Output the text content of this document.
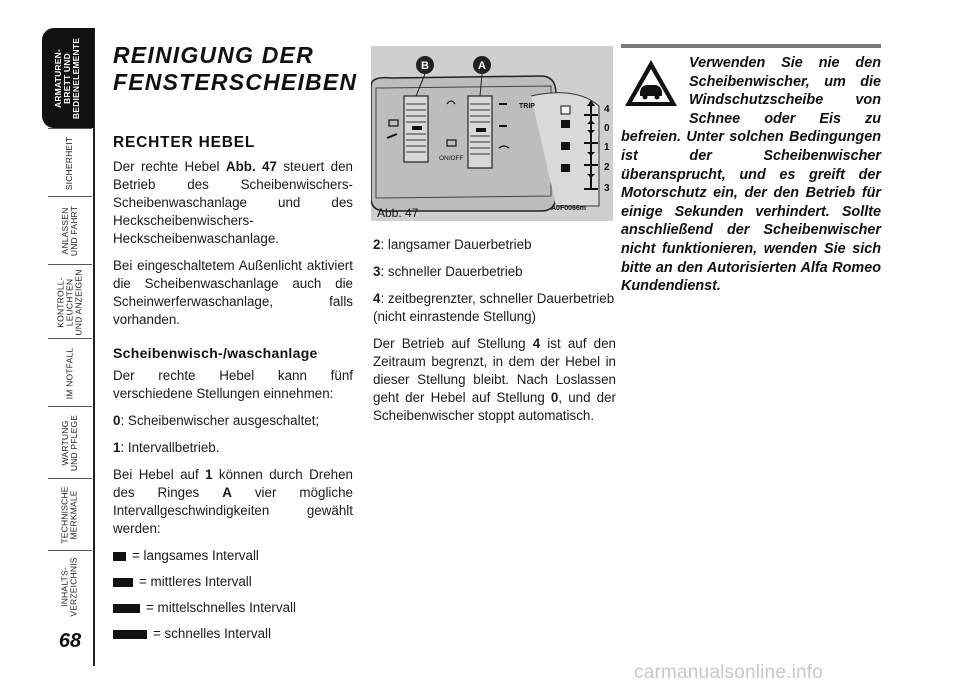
ARMATUREN-
BRETT UND
BEDIENELEMENTE
SICHERHEIT
ANLASSEN
UND FAHRT
KONTROLL-
LEUCHTEN
UND ANZEIGEN
IM NOTFALL
WARTUNG
UND PFLEGE
TECHNISCHE
MERKMALE
INHALTS-
VERZEICHNIS
68
REINIGUNG DER
FENSTERSCHEIBEN
RECHTER HEBEL

Der rechte Hebel Abb. 47 steuert den Betrieb des Scheibenwischers-Scheibenwaschanlage und des Heckscheibenwischers-Heckscheibenwaschanlage.

Bei eingeschaltetem Außenlicht aktiviert die Scheibenwaschanlage auch die Scheinwerferwaschanlage, falls vorhanden.

Scheibenwisch-/waschanlage

Der rechte Hebel kann fünf verschiedene Stellungen einnehmen:

0: Scheibenwischer ausgeschaltet;

1: Intervallbetrieb.

Bei Hebel auf 1 können durch Drehen des Ringes A vier mögliche Intervallgeschwindigkeiten gewählt werden:

= langsames Intervall
= mittleres Intervall
= mittelschnelles Intervall
= schnelles Intervall
B	A
TRIP
ON/OFF
4
0
1
2
3
Abb. 47	A0F0066m

2: langsamer Dauerbetrieb

3: schneller Dauerbetrieb

4: zeitbegrenzter, schneller Dauerbetrieb (nicht einrastende Stellung)

Der Betrieb auf Stellung 4 ist auf den Zeitraum begrenzt, in dem der Hebel in dieser Stellung bleibt. Nach Loslassen geht der Hebel auf Stellung 0, und der Scheibenwischer stoppt automatisch.

Verwenden Sie nie den Scheibenwischer, um die Windschutzscheibe von Schnee oder Eis zu befreien. Unter solchen Bedingungen ist der Scheibenwischer überansprucht, und es greift der Motorschutz ein, der den Betrieb für einige Sekunden verhindert. Sollte anschließend der Scheibenwischer nicht funktionieren, wenden Sie sich bitte an den Autorisierten Alfa Romeo Kundendienst.

carmanualsonline.info
